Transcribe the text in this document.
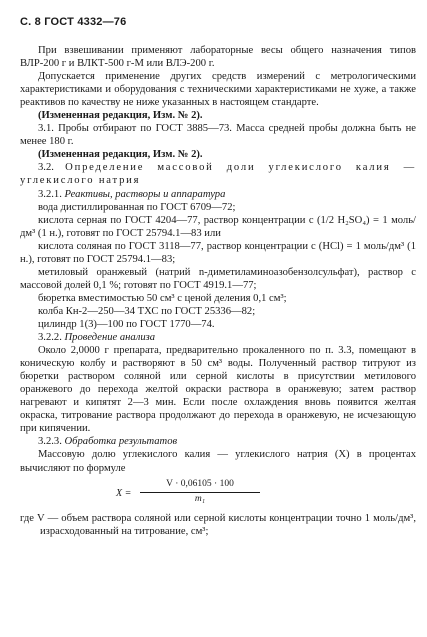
С. 8 ГОСТ 4332—76

При взвешивании применяют лабораторные весы общего назначения типов ВЛР-200 г и ВЛКТ-500 г-М или ВЛЭ-200 г.

Допускается применение других средств измерений с метрологическими характеристиками и оборудования с техническими характеристиками не хуже, а также реактивов по качеству не ниже указанных в настоящем стандарте.

(Измененная редакция, Изм. № 2).

3.1. Пробы отбирают по ГОСТ 3885—73. Масса средней пробы должна быть не менее 180 г.

(Измененная редакция, Изм. № 2).

3.2. Определение массовой доли углекислого калия — углекислого натрия

3.2.1. Реактивы, растворы и аппаратура

вода дистиллированная по ГОСТ 6709—72;

кислота серная по ГОСТ 4204—77, раствор концентрации с (1/2 H₂SO₄) = 1 моль/дм³ (1 н.), готовят по ГОСТ 25794.1—83 или

кислота соляная по ГОСТ 3118—77, раствор концентрации с (HCl) = 1 моль/дм³ (1 н.), готовят по ГОСТ 25794.1—83;

метиловый оранжевый (натрий n-диметиламиноазобензолсульфат), раствор с массовой долей 0,1 %; готовят по ГОСТ 4919.1—77;

бюретка вместимостью 50 см³ с ценой деления 0,1 см³;

колба Кн-2—250—34 ТХС по ГОСТ 25336—82;

цилиндр 1(3)—100 по ГОСТ 1770—74.

3.2.2. Проведение анализа

Около 2,0000 г препарата, предварительно прокаленного по п. 3.3, помещают в коническую колбу и растворяют в 50 см³ воды. Полученный раствор титруют из бюретки раствором соляной или серной кислоты в присутствии метилового оранжевого до перехода желтой окраски раствора в оранжевую; затем раствор нагревают и кипятят 2—3 мин. Если после охлаждения вновь появится желтая окраска, титрование раствора продолжают до перехода в оранжевую, не исчезающую при кипячении.

3.2.3. Обработка результатов

Массовую долю углекислого калия — углекислого натрия (X) в процентах вычисляют по формуле

$X = \frac{V \cdot 0,06105 \cdot 100}{\text{m₁}}$

где V — объем раствора соляной или серной кислоты концентрации точно 1 моль/дм³, израсходованный на титрование, см³;
